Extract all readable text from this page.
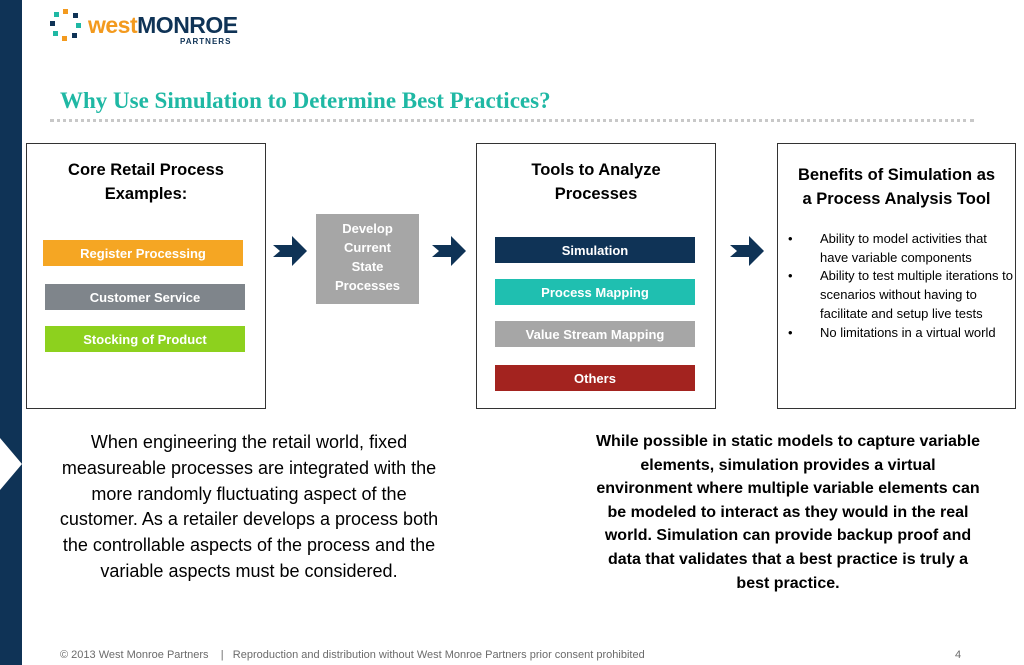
westMONROE
PARTNERS
Why Use Simulation to Determine Best Practices?
Core Retail Process
Examples:
Register Processing
Customer Service
Stocking of Product
Develop
Current
State
Processes
Tools to Analyze
Processes
Simulation
Process Mapping
Value Stream Mapping
Others
Benefits of Simulation as
a Process Analysis Tool
• Ability to model activities that have variable components
• Ability to test multiple iterations to scenarios without having to facilitate and setup live tests
• No limitations in a virtual world
When engineering the retail world, fixed measureable processes are integrated with the more randomly fluctuating aspect of the customer. As a retailer develops a process both the controllable aspects of the process and the variable aspects must be considered.
While possible in static models to capture variable elements, simulation provides a virtual environment where multiple variable elements can be modeled to interact as they would in the real world. Simulation can provide backup proof and data that validates that a best practice is truly a best practice.
© 2013 West Monroe Partners    |   Reproduction and distribution without West Monroe Partners prior consent prohibited	4
